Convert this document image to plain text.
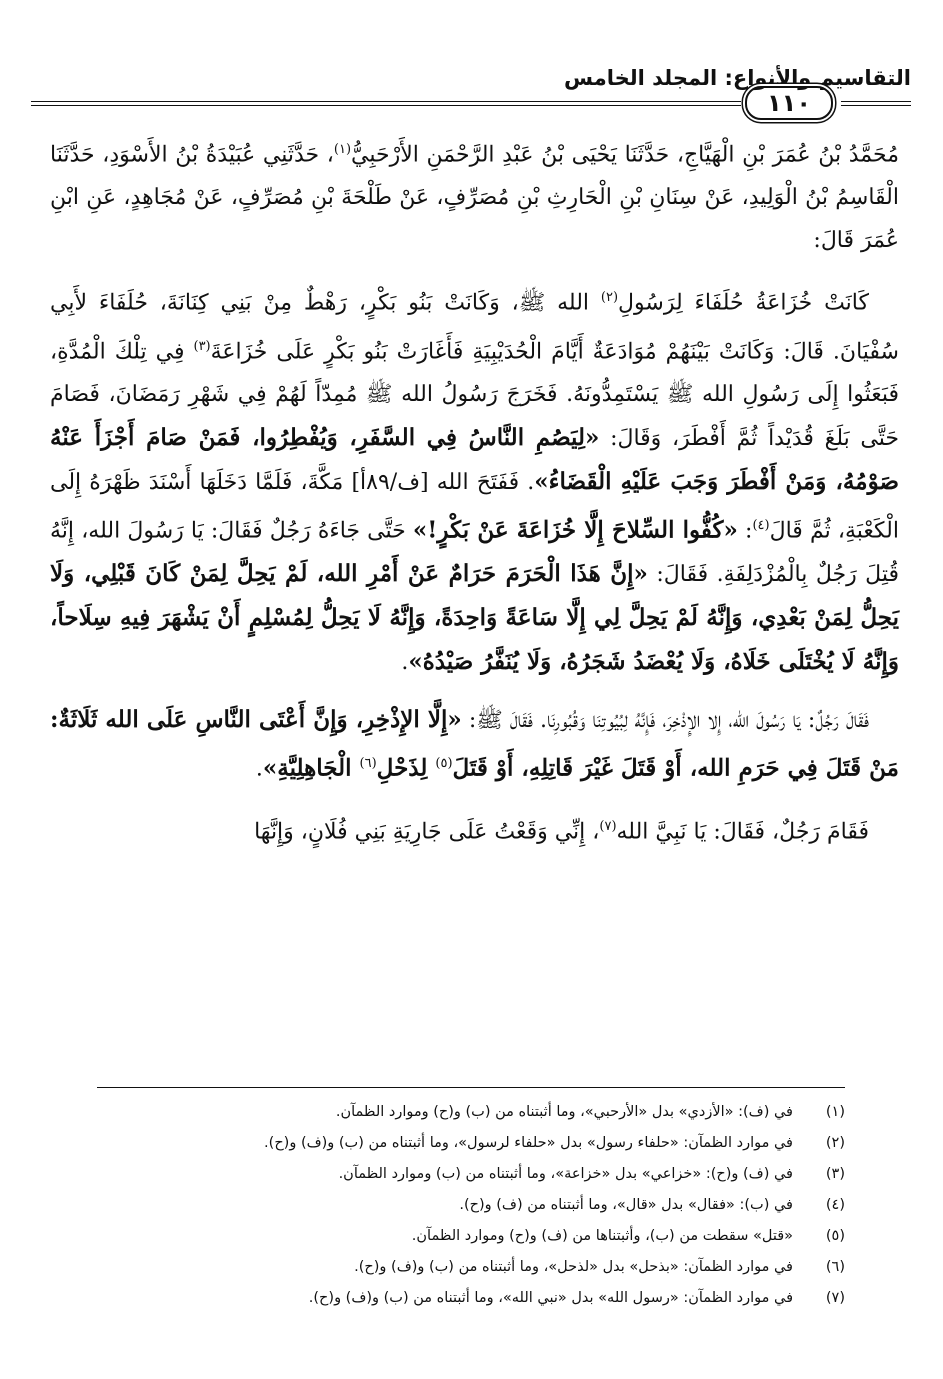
التقاسيم والأنواع: المجلد الخامس
١١٠

مُحَمَّدُ بْنُ عُمَرَ بْنِ الْهَيَّاجِ، حَدَّثَنَا يَحْيَى بْنُ عَبْدِ الرَّحْمَنِ الأَرْحَبِيُّ$^{(١)}$، حَدَّثَنِي عُبَيْدَةُ بْنُ الأَسْوَدِ، حَدَّثَنَا الْقَاسِمُ بْنُ الْوَلِيدِ، عَنْ سِنَانِ بْنِ الْحَارِثِ بْنِ مُصَرِّفٍ، عَنْ طَلْحَةَ بْنِ مُصَرِّفٍ، عَنْ مُجَاهِدٍ، عَنِ ابْنِ عُمَرَ قَالَ:

كَانَتْ خُزَاعَةُ حُلَفَاءَ لِرَسُولِ$^{(٢)}$ الله ﷺ، وَكَانَتْ بَنُو بَكْرٍ، رَهْطٌ مِنْ بَنِي كِنَانَةَ، حُلَفَاءَ لأَبِي سُفْيَانَ. قَالَ: وَكَانَتْ بَيْنَهُمْ مُوَادَعَةٌ أَيَّامَ الْحُدَيْبِيَةِ فَأَغَارَتْ بَنُو بَكْرٍ عَلَى خُزَاعَةَ$^{(٣)}$ فِي تِلْكَ الْمُدَّةِ، فَبَعَثُوا إِلَى رَسُولِ الله ﷺ يَسْتَمِدُّونَهُ. فَخَرَجَ رَسُولُ الله ﷺ مُمِدّاً لَهُمْ فِي شَهْرِ رَمَضَانَ، فَصَامَ حَتَّى بَلَغَ قُدَيْداً ثُمَّ أَفْطَرَ، وَقَالَ: «لِيَصُمِ النَّاسُ فِي السَّفَرِ، وَيُفْطِرُوا، فَمَنْ صَامَ أَجْزَأَ عَنْهُ صَوْمُهُ، وَمَنْ أَفْطَرَ وَجَبَ عَلَيْهِ الْقَضَاءُ». فَفَتَحَ الله [ف/٨٩أ] مَكَّةَ، فَلَمَّا دَخَلَهَا أَسْنَدَ ظَهْرَهُ إِلَى الْكَعْبَةِ، ثُمَّ قَالَ$^{(٤)}$: «كُفُّوا السِّلاحَ إِلَّا خُزَاعَةَ عَنْ بَكْرٍ!» حَتَّى جَاءَهُ رَجُلٌ فَقَالَ: يَا رَسُولَ الله، إِنَّهُ قُتِلَ رَجُلٌ بِالْمُزْدَلِفَةِ. فَقَالَ: «إِنَّ هَذَا الْحَرَمَ حَرَامٌ عَنْ أَمْرِ الله، لَمْ يَحِلَّ لِمَنْ كَانَ قَبْلِي، وَلَا يَحِلُّ لِمَنْ بَعْدِي، وَإِنَّهُ لَمْ يَحِلَّ لِي إِلَّا سَاعَةً وَاحِدَةً، وَإِنَّهُ لَا يَحِلُّ لِمُسْلِمٍ أَنْ يَشْهَرَ فِيهِ سِلَاحاً، وَإِنَّهُ لَا يُخْتَلَى خَلَاهُ، وَلَا يُعْضَدُ شَجَرُهُ، وَلَا يُنَفَّرُ صَيْدُهُ».

فَقَالَ رَجُلٌ: يَا رَسُولَ الله، إِلا الإِذْخِرَ، فَإِنَّهُ لِبُيُوتِنَا وَقُبُورِنَا. فَقَالَ ﷺ: «إِلَّا الإِذْخِرِ، وَإِنَّ أَعْتَى النَّاسِ عَلَى الله ثَلَاثَةٌ: مَنْ قَتَلَ فِي حَرَمِ الله، أَوْ قَتَلَ غَيْرَ قَاتِلِهِ، أَوْ قَتَلَ$^{(٥)}$ لِذَحْلِ$^{(٦)}$ الْجَاهِلِيَّةِ».

فَقَامَ رَجُلٌ، فَقَالَ: يَا نَبِيَّ الله$^{(٧)}$، إِنِّي وَقَعْتُ عَلَى جَارِيَةِ بَنِي فُلَانٍ، وَإِنَّهَا

(١)
في (ف): «الأزدي» بدل «الأرحبي»، وما أثبتناه من (ب) و(ح) وموارد الظمآن.
(٢)
في موارد الظمآن: «حلفاء رسول» بدل «حلفاء لرسول»، وما أثبتناه من (ب) و(ف) و(ح).
(٣)
في (ف) و(ح): «خزاعي» بدل «خزاعة»، وما أثبتناه من (ب) وموارد الظمآن.
(٤)
في (ب): «فقال» بدل «قال»، وما أثبتناه من (ف) و(ح).
(٥)
«قتل» سقطت من (ب)، وأثبتناها من (ف) و(ح) وموارد الظمآن.
(٦)
في موارد الظمآن: «بذحل» بدل «لذحل»، وما أثبتناه من (ب) و(ف) و(ح).
(٧)
في موارد الظمآن: «رسول الله» بدل «نبي الله»، وما أثبتناه من (ب) و(ف) و(ح).
